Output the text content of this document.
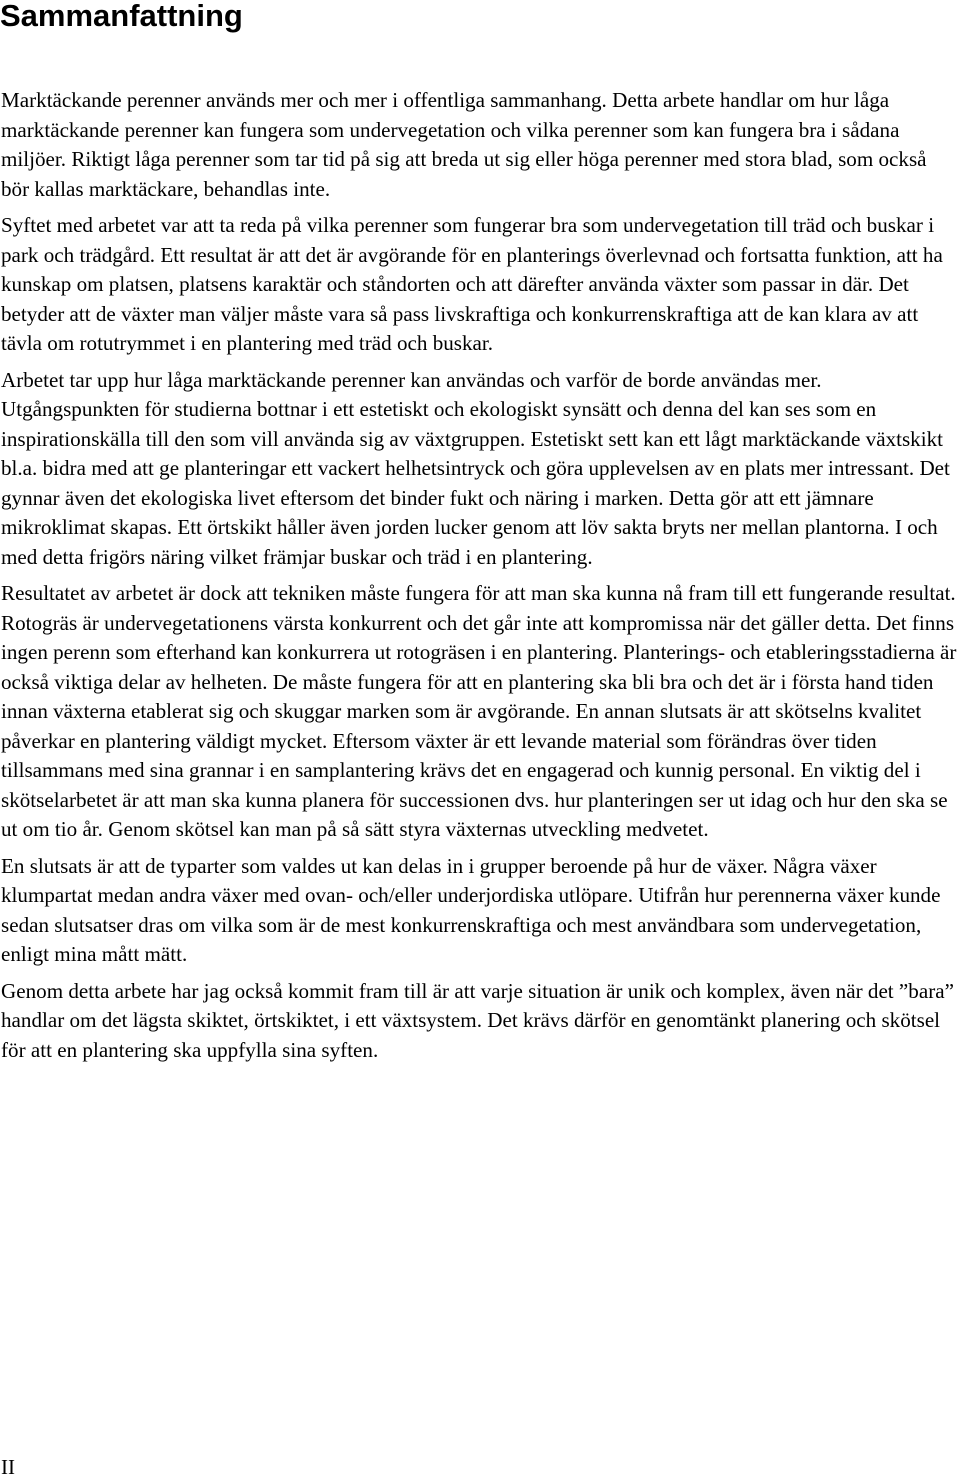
Sammanfattning

Marktäckande perenner används mer och mer i offentliga sammanhang. Detta arbete handlar om hur låga marktäckande perenner kan fungera som undervegetation och vilka perenner som kan fungera bra i sådana miljöer. Riktigt låga perenner som tar tid på sig att breda ut sig eller höga perenner med stora blad, som också bör kallas marktäckare, behandlas inte.

Syftet med arbetet var att ta reda på vilka perenner som fungerar bra som undervegetation till träd och buskar i park och trädgård. Ett resultat är att det är avgörande för en planterings överlevnad och fortsatta funktion, att ha kunskap om platsen, platsens karaktär och ståndorten och att därefter använda växter som passar in där. Det betyder att de växter man väljer måste vara så pass livskraftiga och konkurrenskraftiga att de kan klara av att tävla om rotutrymmet i en plantering med träd och buskar.

Arbetet tar upp hur låga marktäckande perenner kan användas och varför de borde användas mer. Utgångspunkten för studierna bottnar i ett estetiskt och ekologiskt synsätt och denna del kan ses som en inspirationskälla till den som vill använda sig av växtgruppen. Estetiskt sett kan ett lågt marktäckande växtskikt bl.a. bidra med att ge planteringar ett vackert helhetsintryck och göra upplevelsen av en plats mer intressant. Det gynnar även det ekologiska livet eftersom det binder fukt och näring i marken. Detta gör att ett jämnare mikroklimat skapas. Ett örtskikt håller även jorden lucker genom att löv sakta bryts ner mellan plantorna. I och med detta frigörs näring vilket främjar buskar och träd i en plantering.

Resultatet av arbetet är dock att tekniken måste fungera för att man ska kunna nå fram till ett fungerande resultat. Rotogräs är undervegetationens värsta konkurrent och det går inte att kompromissa när det gäller detta. Det finns ingen perenn som efterhand kan konkurrera ut rotogräsen i en plantering. Planterings- och etableringsstadierna är också viktiga delar av helheten. De måste fungera för att en plantering ska bli bra och det är i första hand tiden innan växterna etablerat sig och skuggar marken som är avgörande. En annan slutsats är att skötselns kvalitet påverkar en plantering väldigt mycket. Eftersom växter är ett levande material som förändras över tiden tillsammans med sina grannar i en samplantering krävs det en engagerad och kunnig personal. En viktig del i skötselarbetet är att man ska kunna planera för successionen dvs. hur planteringen ser ut idag och hur den ska se ut om tio år. Genom skötsel kan man på så sätt styra växternas utveckling medvetet.

En slutsats är att de typarter som valdes ut kan delas in i grupper beroende på hur de växer. Några växer klumpartat medan andra växer med ovan- och/eller underjordiska utlöpare. Utifrån hur perennerna växer kunde sedan slutsatser dras om vilka som är de mest konkurrenskraftiga och mest användbara som undervegetation, enligt mina mått mätt.

Genom detta arbete har jag också kommit fram till är att varje situation är unik och komplex, även när det ”bara” handlar om det lägsta skiktet, örtskiktet, i ett växtsystem. Det krävs därför en genomtänkt planering och skötsel för att en plantering ska uppfylla sina syften.

II
